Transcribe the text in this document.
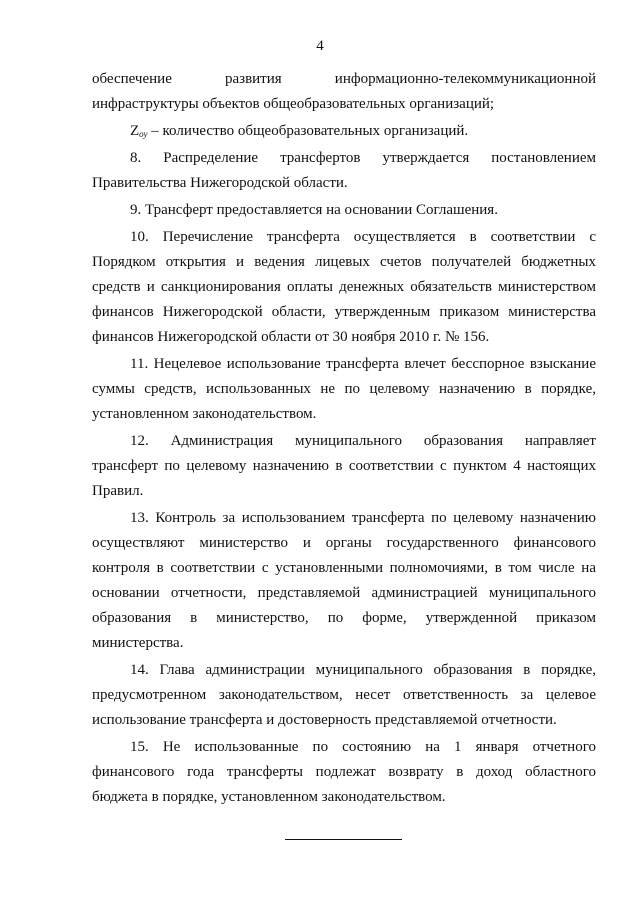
4
обеспечение развития информационно-телекоммуникационной
инфраструктуры объектов общеобразовательных организаций;
$Z_{оу}$ – количество общеобразовательных организаций.
8. Распределение трансфертов утверждается постановлением
Правительства Нижегородской области.
9. Трансферт предоставляется на основании Соглашения.
10. Перечисление трансферта осуществляется в соответствии с
Порядком открытия и ведения лицевых счетов получателей бюджетных
средств и санкционирования оплаты денежных обязательств министерством
финансов Нижегородской области, утвержденным приказом министерства
финансов Нижегородской области от 30 ноября 2010 г. № 156.
11. Нецелевое использование трансферта влечет бесспорное взыскание
суммы средств, использованных не по целевому назначению в порядке,
установленном законодательством.
12. Администрация муниципального образования направляет
трансферт по целевому назначению в соответствии с пунктом 4 настоящих
Правил.
13. Контроль за использованием трансферта по целевому назначению
осуществляют министерство и органы государственного финансового
контроля в соответствии с установленными полномочиями, в том числе на
основании отчетности, представляемой администрацией муниципального
образования в министерство, по форме, утвержденной приказом
министерства.
14. Глава администрации муниципального образования в порядке,
предусмотренном законодательством, несет ответственность за целевое
использование трансферта и достоверность представляемой отчетности.
15. Не использованные по состоянию на 1 января отчетного
финансового года трансферты подлежат возврату в доход областного
бюджета в порядке, установленном законодательством.
